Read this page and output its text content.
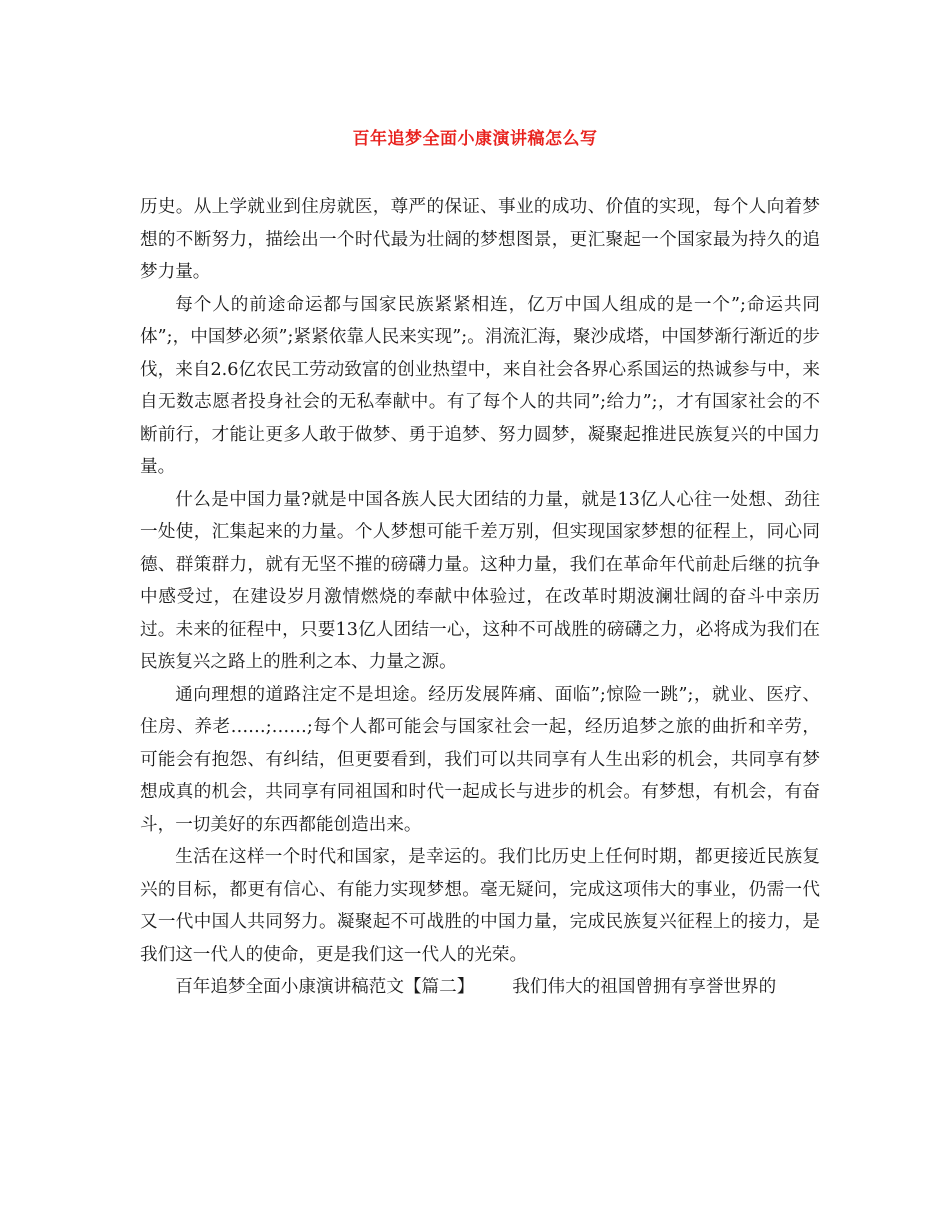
百年追梦全面小康演讲稿怎么写

历史。从上学就业到住房就医，尊严的保证、事业的成功、价值的实现，每个人向着梦想的不断努力，描绘出一个时代最为壮阔的梦想图景，更汇聚起一个国家最为持久的追梦力量。

每个人的前途命运都与国家民族紧紧相连，亿万中国人组成的是一个”;命运共同体”;，中国梦必须”;紧紧依靠人民来实现”;。涓流汇海，聚沙成塔，中国梦渐行渐近的步伐，来自2.6亿农民工劳动致富的创业热望中，来自社会各界心系国运的热诚参与中，来自无数志愿者投身社会的无私奉献中。有了每个人的共同”;给力”;，才有国家社会的不断前行，才能让更多人敢于做梦、勇于追梦、努力圆梦，凝聚起推进民族复兴的中国力量。

什么是中国力量?就是中国各族人民大团结的力量，就是13亿人心往一处想、劲往一处使，汇集起来的力量。个人梦想可能千差万别，但实现国家梦想的征程上，同心同德、群策群力，就有无坚不摧的磅礴力量。这种力量，我们在革命年代前赴后继的抗争中感受过，在建设岁月激情燃烧的奉献中体验过，在改革时期波澜壮阔的奋斗中亲历过。未来的征程中，只要13亿人团结一心，这种不可战胜的磅礴之力，必将成为我们在民族复兴之路上的胜利之本、力量之源。

通向理想的道路注定不是坦途。经历发展阵痛、面临”;惊险一跳”;，就业、医疗、住房、养老……;……;每个人都可能会与国家社会一起，经历追梦之旅的曲折和辛劳，可能会有抱怨、有纠结，但更要看到，我们可以共同享有人生出彩的机会，共同享有梦想成真的机会，共同享有同祖国和时代一起成长与进步的机会。有梦想，有机会，有奋斗，一切美好的东西都能创造出来。

生活在这样一个时代和国家，是幸运的。我们比历史上任何时期，都更接近民族复兴的目标，都更有信心、有能力实现梦想。毫无疑问，完成这项伟大的事业，仍需一代又一代中国人共同努力。凝聚起不可战胜的中国力量，完成民族复兴征程上的接力，是我们这一代人的使命，更是我们这一代人的光荣。

百年追梦全面小康演讲稿范文【篇二】 我们伟大的祖国曾拥有享誉世界的
